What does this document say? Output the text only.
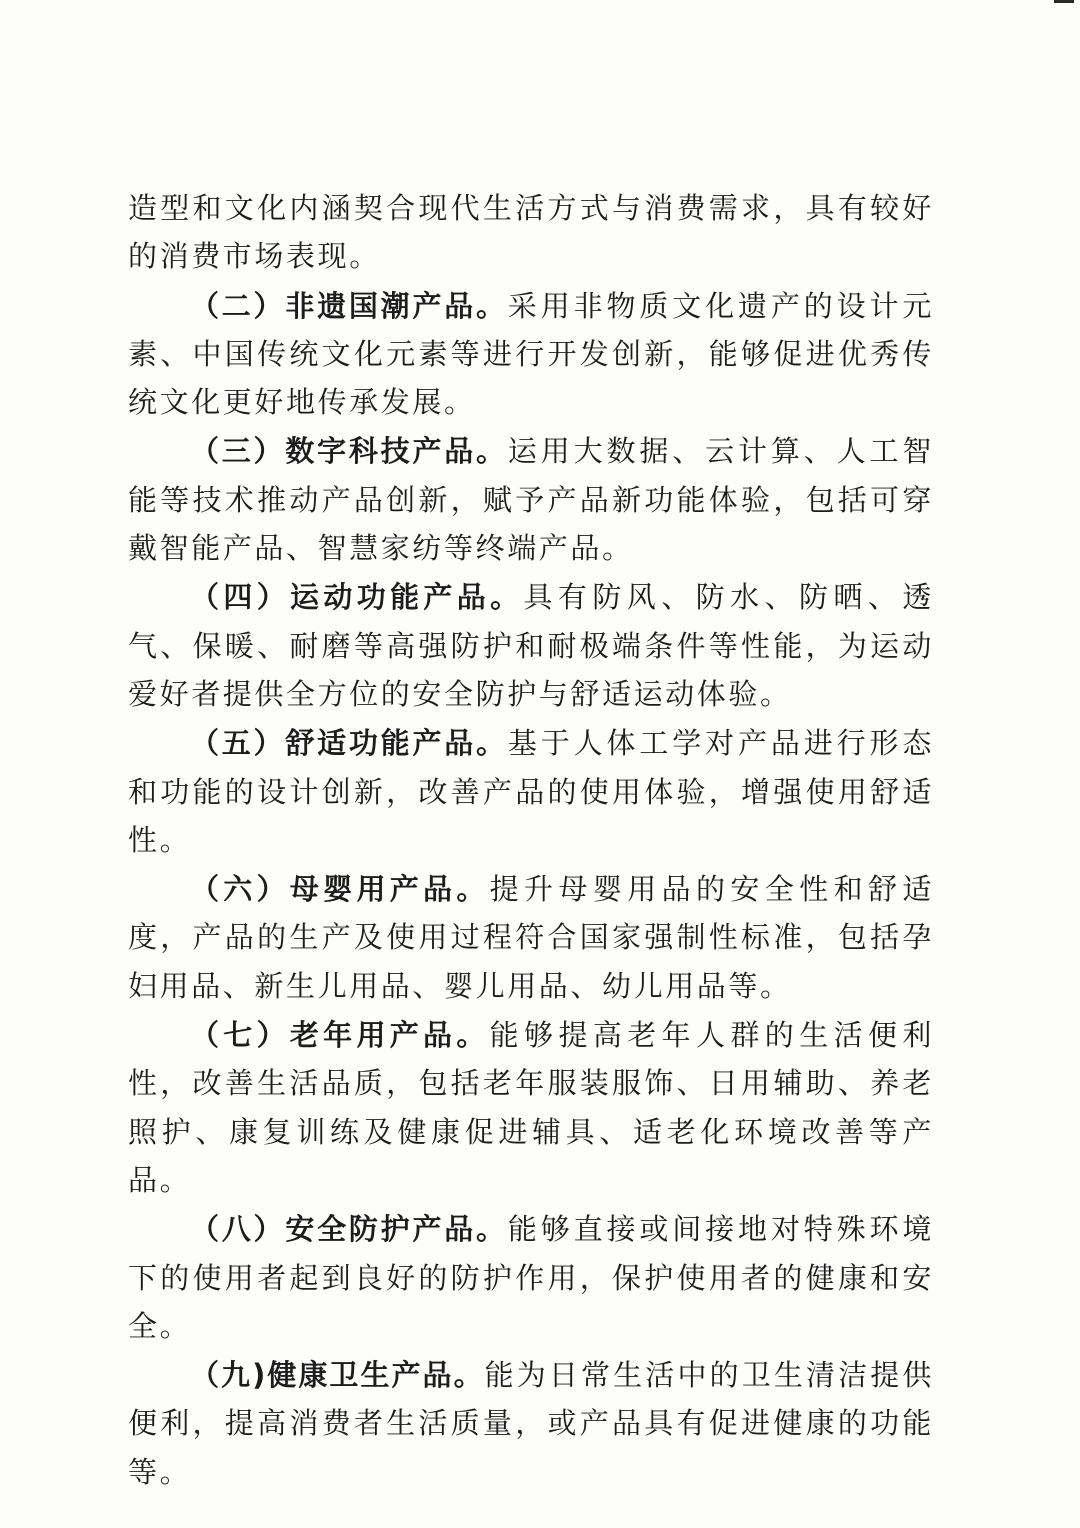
造型和文化内涵契合现代生活方式与消费需求，具有较好的消费市场表现。

（二）非遗国潮产品。采用非物质文化遗产的设计元素、中国传统文化元素等进行开发创新，能够促进优秀传统文化更好地传承发展。

（三）数字科技产品。运用大数据、云计算、人工智能等技术推动产品创新，赋予产品新功能体验，包括可穿戴智能产品、智慧家纺等终端产品。

（四）运动功能产品。具有防风、防水、防晒、透气、保暖、耐磨等高强防护和耐极端条件等性能，为运动爱好者提供全方位的安全防护与舒适运动体验。

（五）舒适功能产品。基于人体工学对产品进行形态和功能的设计创新，改善产品的使用体验，增强使用舒适性。

（六）母婴用产品。提升母婴用品的安全性和舒适度，产品的生产及使用过程符合国家强制性标准，包括孕妇用品、新生儿用品、婴儿用品、幼儿用品等。

（七）老年用产品。能够提高老年人群的生活便利性，改善生活品质，包括老年服装服饰、日用辅助、养老照护、康复训练及健康促进辅具、适老化环境改善等产品。

（八）安全防护产品。能够直接或间接地对特殊环境下的使用者起到良好的防护作用，保护使用者的健康和安全。

（九)健康卫生产品。能为日常生活中的卫生清洁提供便利，提高消费者生活质量，或产品具有促进健康的功能等。
